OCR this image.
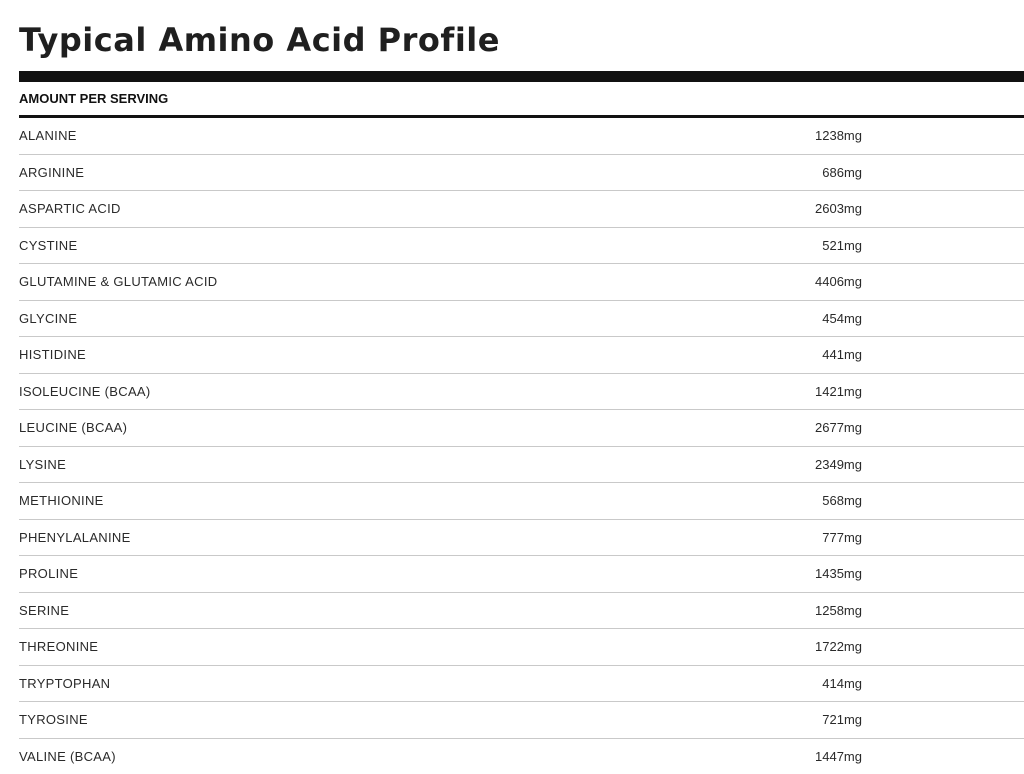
Typical Amino Acid Profile
AMOUNT PER SERVING
ALANINE	1238mg
ARGININE	686mg
ASPARTIC ACID	2603mg
CYSTINE	521mg
GLUTAMINE & GLUTAMIC ACID	4406mg
GLYCINE	454mg
HISTIDINE	441mg
ISOLEUCINE (BCAA)	1421mg
LEUCINE (BCAA)	2677mg
LYSINE	2349mg
METHIONINE	568mg
PHENYLALANINE	777mg
PROLINE	1435mg
SERINE	1258mg
THREONINE	1722mg
TRYPTOPHAN	414mg
TYROSINE	721mg
VALINE (BCAA)	1447mg
